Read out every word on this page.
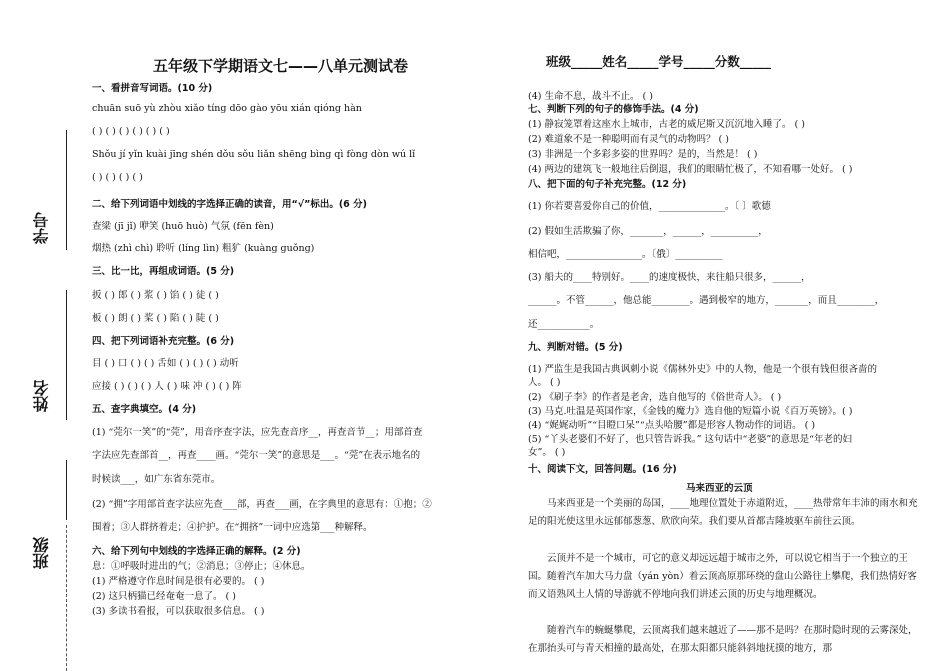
学号
姓名
班级
五年级下学期语文七——八单元测试卷	班级_____姓名_____学号_____分数_____
一、看拼音写词语。(10 分)
chuān suō yù zhòu xiǎo tíng dōo gào yōu xián qióng hàn
( ) ( ) ( ) ( ) ( ) ( )
Shǒu jí yǐn kuài jīng shén dǒu sǒu liǎn shēng bìng qì fòng dòn wú lǐ
( ) ( ) ( ) ( )
二、给下列词语中划线的字选择正确的读音，用“√”标出。(6 分)
查梁 (jī jǐ) 咿笑 (huō huò) 气氛 (fēn fèn)
烟热 (zhì chì) 聆听 (líng lìn) 粗犷 (kuàng guǒng)
三、比一比，再组成词语。(5 分)
扳 ( ) 郎 ( ) 浆 ( ) 馅 ( ) 徒 ( )
板 ( ) 朗 ( ) 桨 ( ) 陷 ( ) 陡 ( )
四、把下列词语补充完整。(6 分)
目 ( ) 口 ( ) ( ) 舌如 ( ) ( ) ( ) 动听
应接 ( ) ( ) ( ) 人 ( ) 味 冲 ( ) ( ) 阵
五、查字典填空。(4 分)
(1) “莞尔一笑”的“莞”，用音序查字法，应先查音序__，再查音节__；用部首查
字法应先查部首__，再查____画。“莞尔一笑”的意思是___。“莞”在表示地名的
时候读___，如广东省东莞市。
(2) “拥”字用部首查字法应先查___部，再查___画，在字典里的意思有：①抱；②
围着；③人群挤着走；④护护。在“拥挤”一词中应选第___种解释。
六、给下列句中划线的字选择正确的解释。(2 分)
息：①呼吸时进出的气；②消息；③停止；④休息。
(1) 严格遵守作息时间是很有必要的。 ( )
(2) 这只柄猫已经奄奄一息了。 ( )
(3) 多读书看报，可以获取很多信息。 ( )
(4) 生命不息，战斗不止。 ( )
七、判断下列的句子的修饰手法。(4 分)
(1) 静寂笼罩着这座水上城市，古老的威尼斯又沉沉地入睡了。 ( )
(2) 难道象不是一种聪明而有灵气的动物吗？ ( )
(3) 非洲是一个多彩多姿的世界吗？是的，当然是！ ( )
(4) 两边的建筑飞一般地往后倒退，我们的眼睛忙极了，不知看哪一处好。 ( )
八、把下面的句子补充完整。(12 分)
(1) 你若要喜爱你自己的价值，______________。〔 〕歌德
(2) 假如生活欺骗了你，_______，______，__________，
相信吧，________________。〔俄〕__________
(3) 船夫的____特别好。____的速度极快，来往船只很多，______，
______。不管______，他总能________。遇到极窄的地方，_______，而且________，
还___________。
九、判断对错。(5 分)
(1) 严监生是我国古典讽刺小说《儒林外史》中的人物，他是一个很有钱但很吝啬的
人。 ( )
(2) 《刷子李》的作者是老舍，选自他写的《俗世奇人》。 ( )
(3) 马克.吐温是英国作家，《金钱的魔力》选自他的短篇小说《百万英镑》。( )
(4) “娓娓动听”“目瞪口呆”“点头哈腰”都是形容人物动作的词语。 ( )
(5) “丫头老婆们不好了，也只管告诉我。” 这句话中“老婆”的意思是“年老的妇
女”。 ( )
十、阅读下文，回答问题。(16 分)
马来西亚的云顶
马来西亚是一个美丽的岛国，____地理位置处于赤道附近，____热带常年丰沛的雨水和充足的阳光使这里永远郁郁葱葱、欣欣向荣。我们要从首都吉隆坡驱车前往云顶。
云顶并不是一个城市，可它的意义却远远超于城市之外，可以说它相当于一个独立的王国。随着汽车加大马力盘（yán yòn）着云顶高原那环绕的盘山公路往上攀爬，我们热情好客而又语熟风土人情的导游就不停地向我们讲述云顶的历史与地理概况。
随着汽车的蜿蜒攀爬，云顶离我们越来越近了——那不是吗？在那时隐时现的云雾深处，在那抬头可与青天相撞的最高处，在那太阳都只能斜斜地抚摸的地方，那
